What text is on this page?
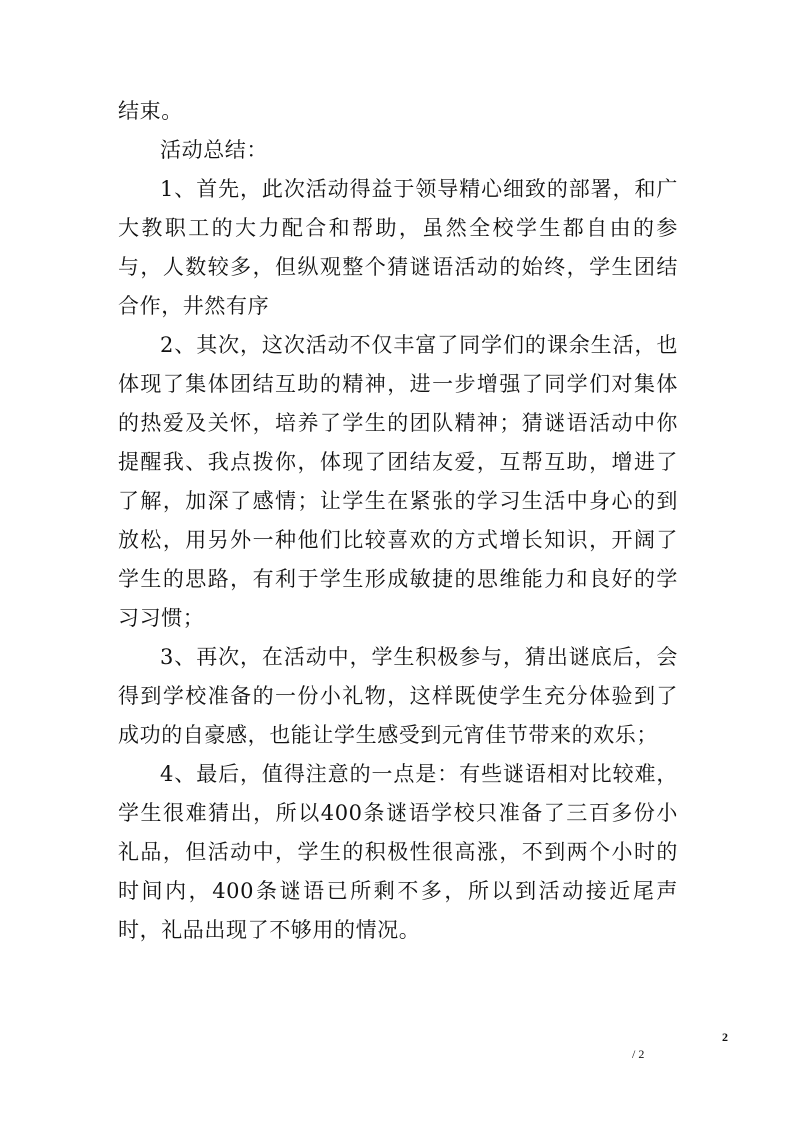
结束。

活动总结：

1、首先，此次活动得益于领导精心细致的部署，和广大教职工的大力配合和帮助，虽然全校学生都自由的参与，人数较多，但纵观整个猜谜语活动的始终，学生团结合作，井然有序

2、其次，这次活动不仅丰富了同学们的课余生活，也体现了集体团结互助的精神，进一步增强了同学们对集体的热爱及关怀，培养了学生的团队精神；猜谜语活动中你提醒我、我点拨你，体现了团结友爱，互帮互助，增进了了解，加深了感情；让学生在紧张的学习生活中身心的到放松，用另外一种他们比较喜欢的方式增长知识，开阔了学生的思路，有利于学生形成敏捷的思维能力和良好的学习习惯；

3、再次，在活动中，学生积极参与，猜出谜底后，会得到学校准备的一份小礼物，这样既使学生充分体验到了成功的自豪感，也能让学生感受到元宵佳节带来的欢乐；

4、最后，值得注意的一点是：有些谜语相对比较难，学生很难猜出，所以400条谜语学校只准备了三百多份小礼品，但活动中，学生的积极性很高涨，不到两个小时的时间内，400条谜语已所剩不多，所以到活动接近尾声时，礼品出现了不够用的情况。

2
/ 2
